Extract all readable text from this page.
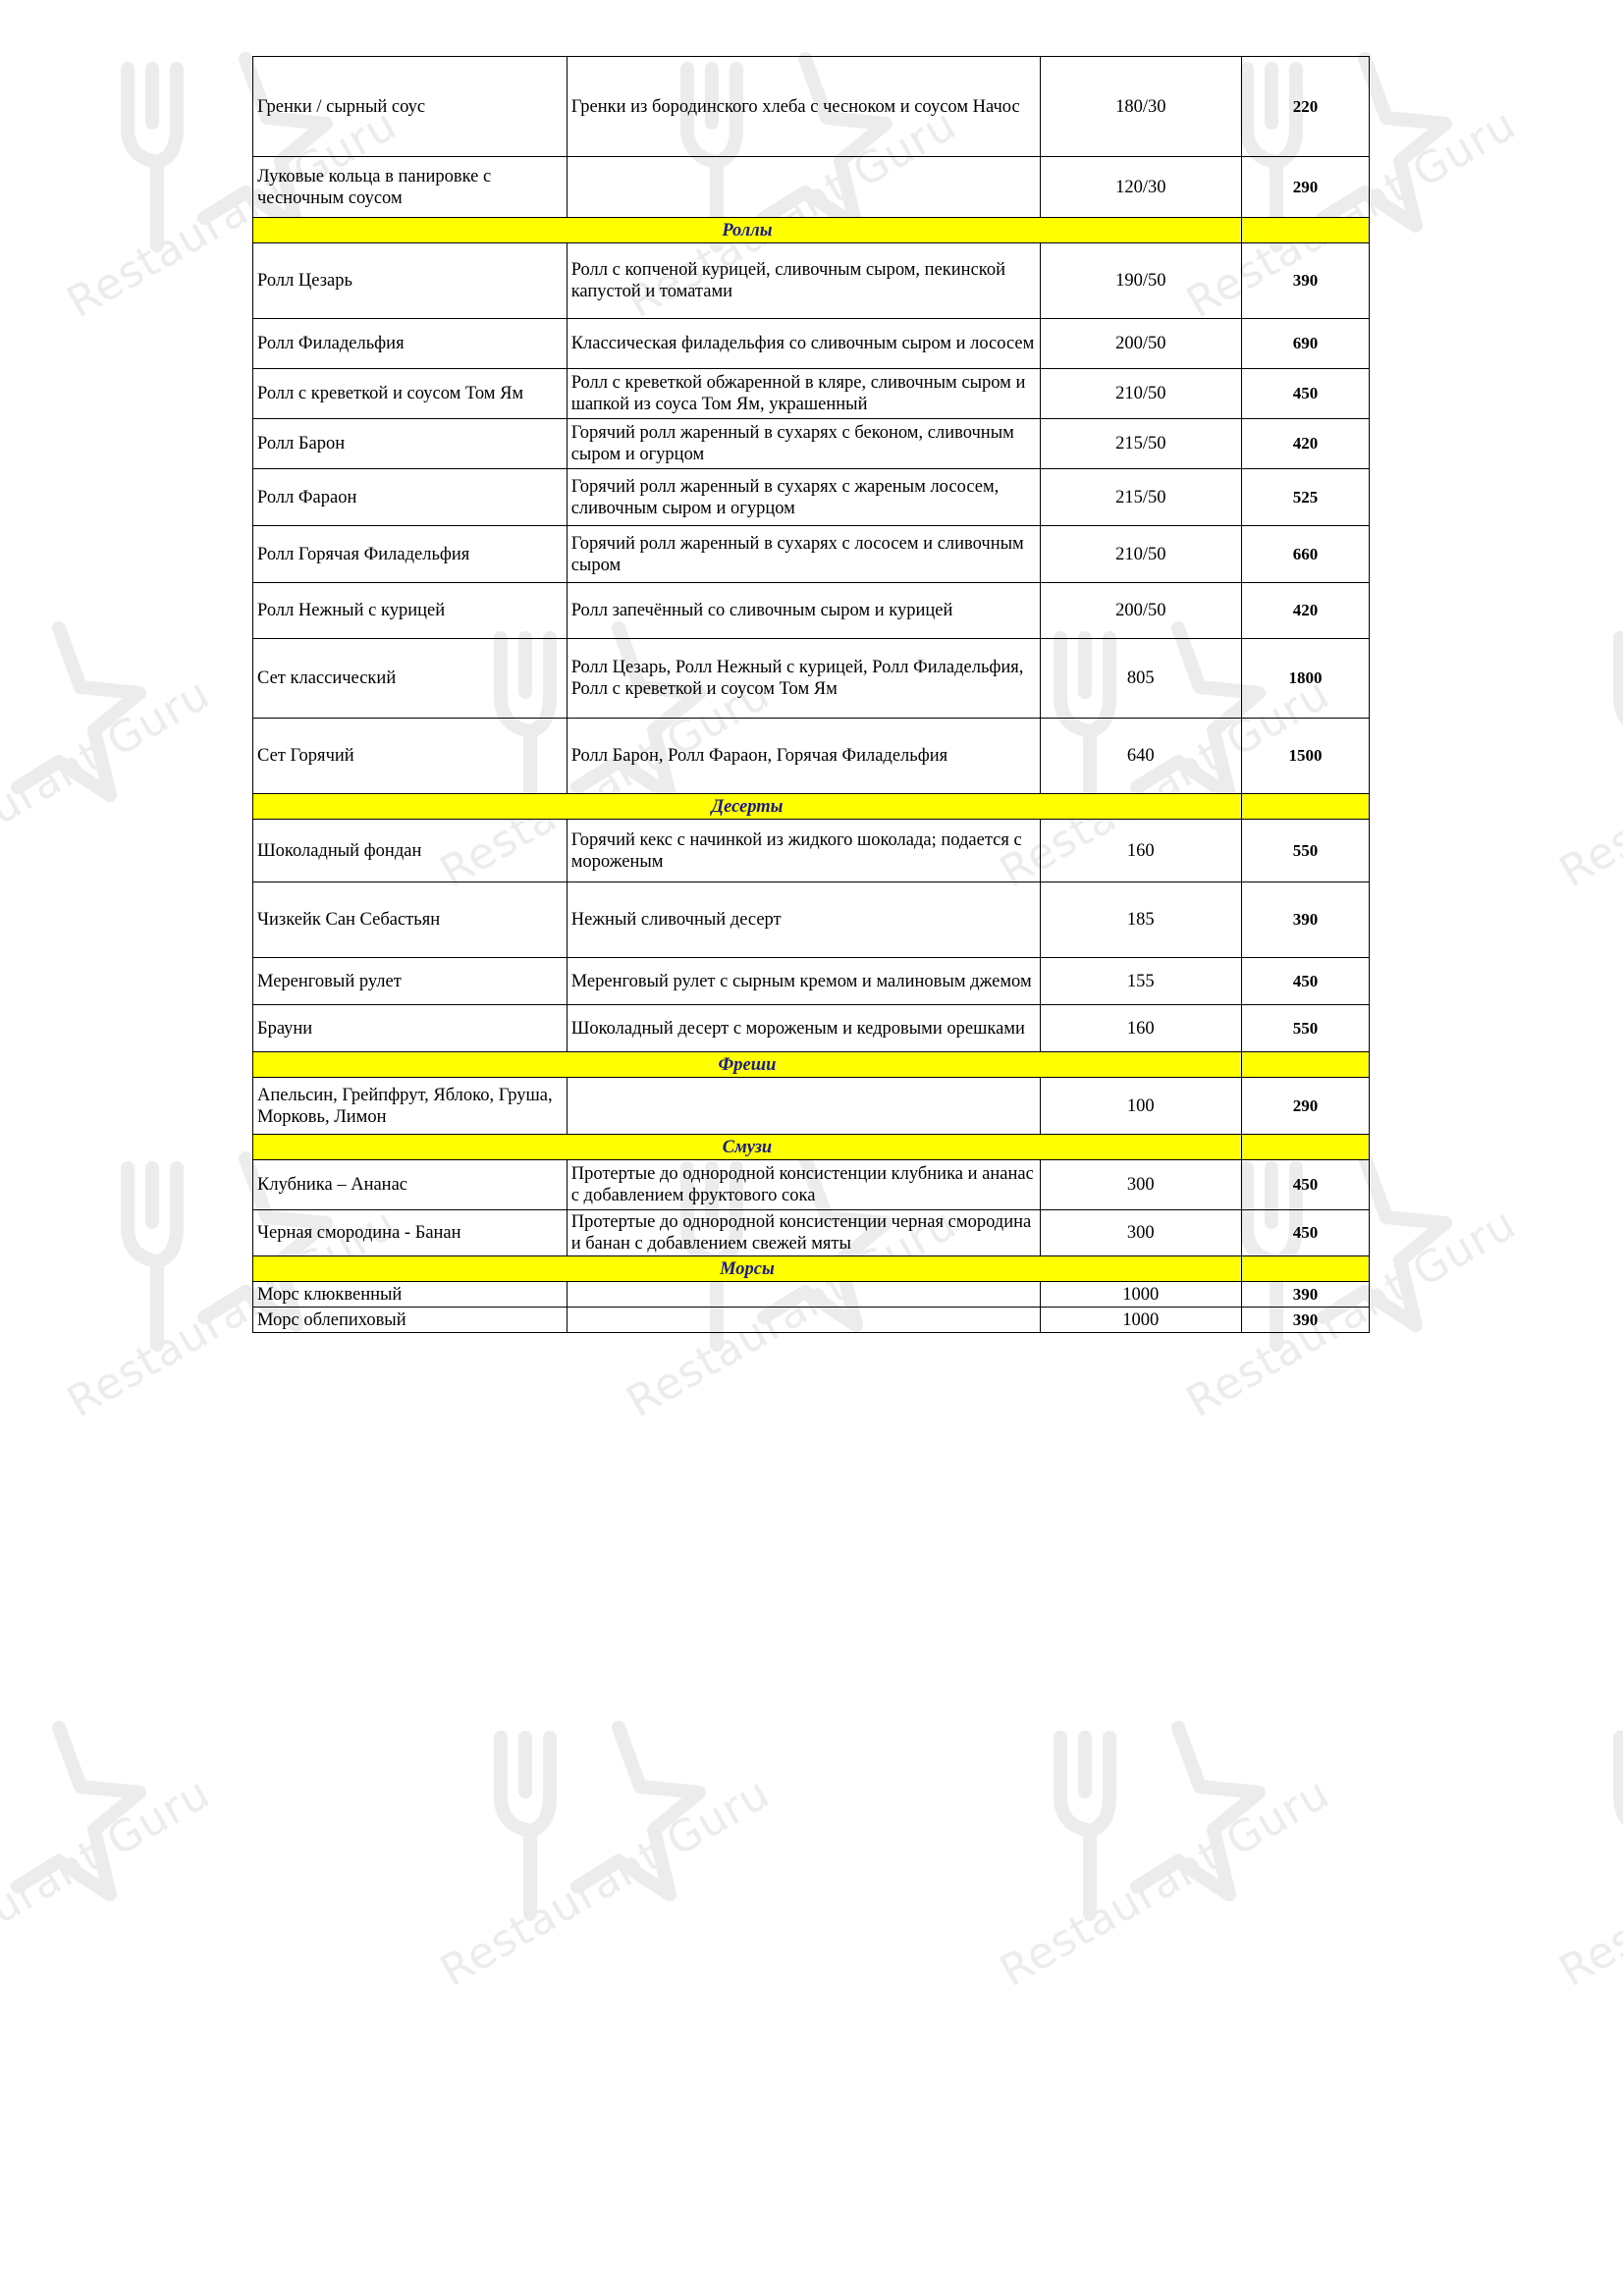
Restaurant Guru
Restaurant Guru
Restaurant Guru
Restaurant Guru
Restaurant Guru
Restaurant Guru
Restaurant Guru
Restaurant Guru
Restaurant Guru
Restaurant Guru
Restaurant Guru
Restaurant Guru
Restaurant Guru
Restaurant Guru
Гренки / сырный соус	Гренки из бородинского хлеба с чесноком и соусом Начос	180/30	220
Луковые кольца в панировке с чесночным соусом		120/30	290

Роллы			

Ролл Цезарь	Ролл с копченой курицей, сливочным сыром, пекинской капустой и томатами	190/50	390
Ролл Филадельфия	Классическая филадельфия со сливочным сыром и лососем	200/50	690
Ролл с креветкой и соусом Том Ям	Ролл с креветкой обжаренной в кляре, сливочным сыром и шапкой из соуса Том Ям, украшенный	210/50	450
Ролл Барон	Горячий ролл жаренный в сухарях с беконом, сливочным сыром и огурцом	215/50	420
Ролл Фараон	Горячий ролл жаренный в сухарях с жареным лососем, сливочным сыром и огурцом	215/50	525
Ролл Горячая Филадельфия	Горячий ролл жаренный в сухарях с лососем и сливочным сыром	210/50	660
Ролл Нежный с курицей	Ролл запечённый со сливочным сыром и курицей	200/50	420
Сет классический	Ролл Цезарь, Ролл Нежный с курицей, Ролл Филадельфия, Ролл с креветкой и соусом Том Ям	805	1800
Сет Горячий	Ролл Барон, Ролл Фараон, Горячая Филадельфия	640	1500

Десерты			

Шоколадный фондан	Горячий кекс с начинкой из жидкого шоколада; подается с мороженым	160	550
Чизкейк Сан Себастьян	Нежный сливочный десерт	185	390
Меренговый рулет	Меренговый рулет с сырным кремом и малиновым джемом	155	450
Брауни	Шоколадный десерт с мороженым и кедровыми орешками	160	550

Фреши			

Апельсин, Грейпфрут, Яблоко, Груша, Морковь, Лимон		100	290

Смузи			

Клубника – Ананас	Протертые до однородной консистенции клубника и ананас с добавлением фруктового сока	300	450
Черная смородина - Банан	Протертые до однородной консистенции черная смородина и банан с добавлением свежей мяты	300	450

Морсы			

Морс клюквенный		1000	390
Морс облепиховый		1000	390
